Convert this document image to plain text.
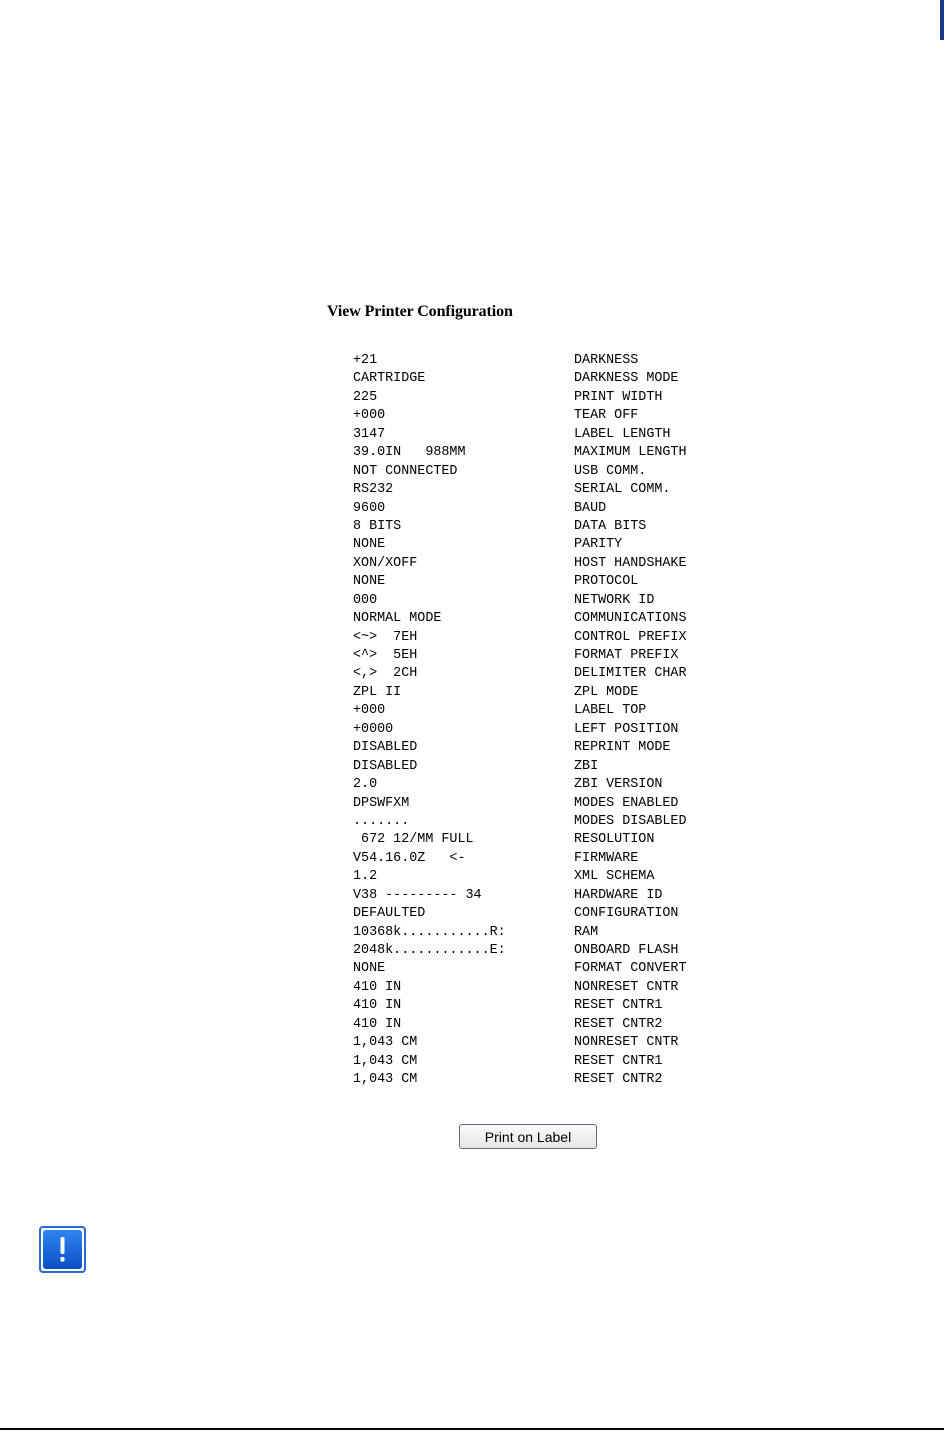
View Printer Configuration
+21	DARKNESS
CARTRIDGE	DARKNESS MODE
225	PRINT WIDTH
+000	TEAR OFF
3147	LABEL LENGTH
39.0IN   988MM	MAXIMUM LENGTH
NOT CONNECTED	USB COMM.
RS232	SERIAL COMM.
9600	BAUD
8 BITS	DATA BITS
NONE	PARITY
XON/XOFF	HOST HANDSHAKE
NONE	PROTOCOL
000	NETWORK ID
NORMAL MODE	COMMUNICATIONS
<~>  7EH	CONTROL PREFIX
<^>  5EH	FORMAT PREFIX
<,>  2CH	DELIMITER CHAR
ZPL II	ZPL MODE
+000	LABEL TOP
+0000	LEFT POSITION
DISABLED	REPRINT MODE
DISABLED	ZBI
2.0	ZBI VERSION
DPSWFXM	MODES ENABLED
.......	MODES DISABLED
672 12/MM FULL	RESOLUTION
V54.16.0Z   <-	FIRMWARE
1.2	XML SCHEMA
V38 --------- 34	HARDWARE ID
DEFAULTED	CONFIGURATION
10368k...........R:	RAM
2048k............E:	ONBOARD FLASH
NONE	FORMAT CONVERT
410 IN	NONRESET CNTR
410 IN	RESET CNTR1
410 IN	RESET CNTR2
1,043 CM	NONRESET CNTR
1,043 CM	RESET CNTR1
1,043 CM	RESET CNTR2
Print on Label
